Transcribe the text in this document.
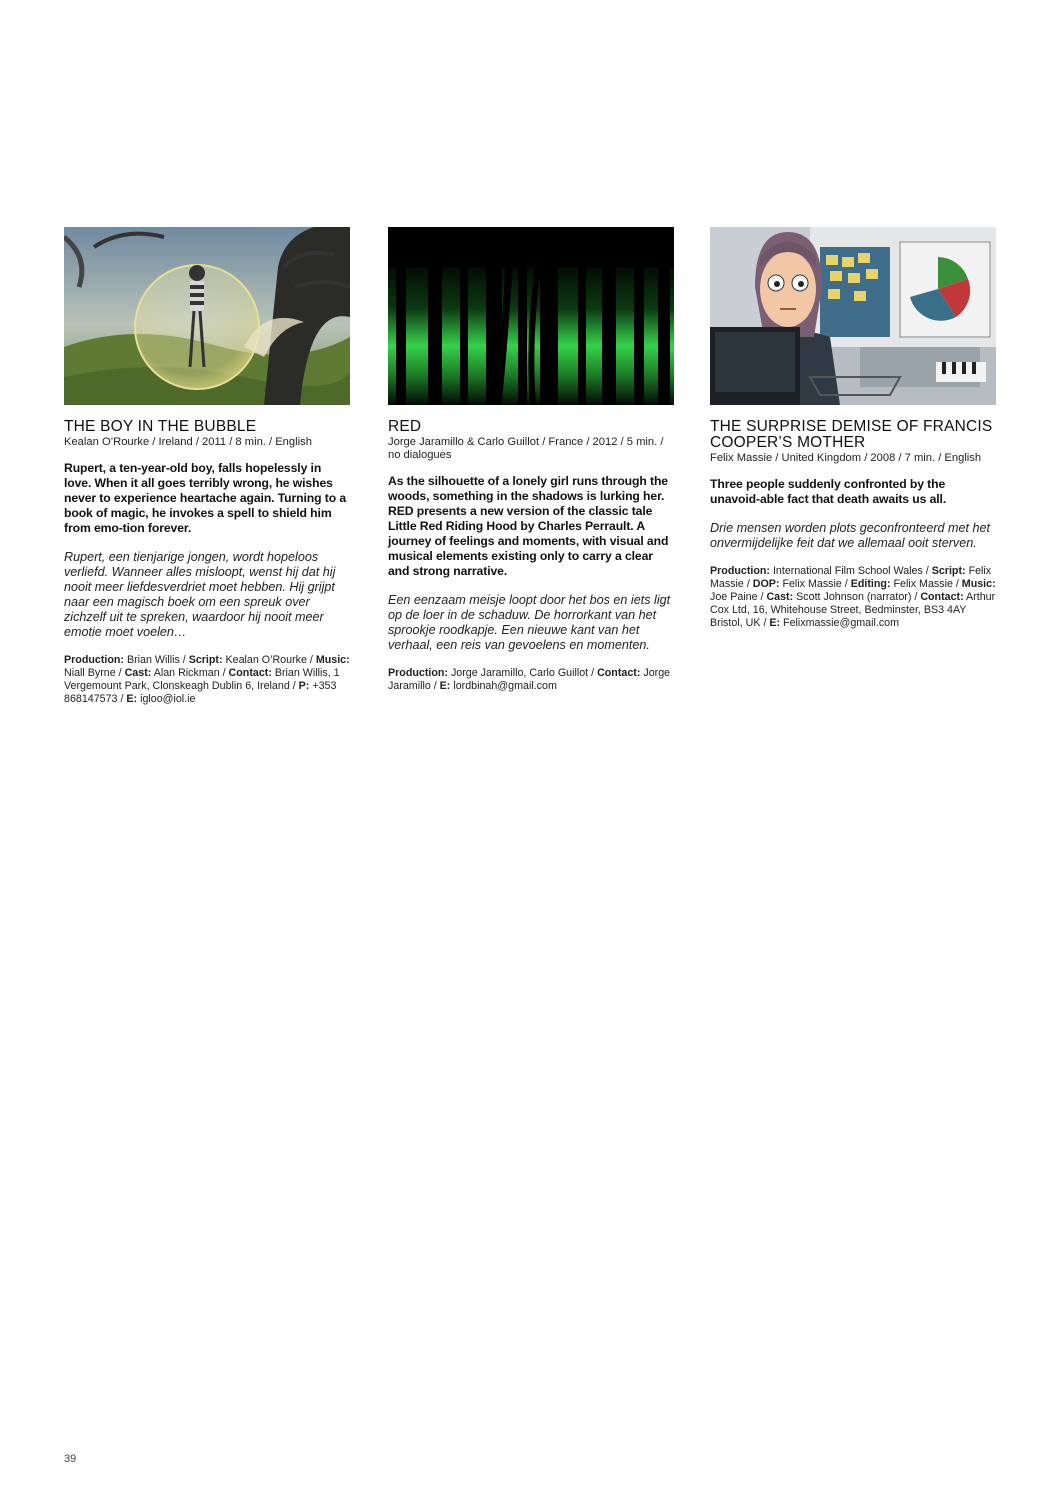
THE BOY IN THE BUBBLE
Kealan O’Rourke / Ireland / 2011 / 8 min. / English
Rupert, a ten-year-old boy, falls hopelessly in love. When it all goes terribly wrong, he wishes never to experience heartache again. Turning to a book of magic, he invokes a spell to shield him from emo-tion forever.
Rupert, een tienjarige jongen, wordt hopeloos verliefd. Wanneer alles misloopt, wenst hij dat hij nooit meer liefdesverdriet moet hebben. Hij grijpt naar een magisch boek om een spreuk over zichzelf uit te spreken, waardoor hij nooit meer emotie moet voelen…
Production: Brian Willis / Script: Kealan O’Rourke / Music: Niall Byrne / Cast: Alan Rickman / Contact: Brian Willis, 1 Vergemount Park, Clonskeagh Dublin 6, Ireland / P: +353 868147573 / E: igloo@iol.ie
RED
Jorge Jaramillo & Carlo Guillot / France / 2012 / 5 min. / no dialogues
As the silhouette of a lonely girl runs through the woods, something in the shadows is lurking her. RED presents a new version of the classic tale Little Red Riding Hood by Charles Perrault. A journey of feelings and moments, with visual and musical elements existing only to carry a clear and strong narrative.
Een eenzaam meisje loopt door het bos en iets ligt op de loer in de schaduw. De horrorkant van het sprookje roodkapje. Een nieuwe kant van het verhaal, een reis van gevoelens en momenten.
Production: Jorge Jaramillo, Carlo Guillot / Contact: Jorge Jaramillo / E: lordbinah@gmail.com
THE SURPRISE DEMISE OF FRANCIS COOPER’S MOTHER
Felix Massie / United Kingdom / 2008 / 7 min. / English
Three people suddenly confronted by the unavoid-able fact that death awaits us all.
Drie mensen worden plots geconfronteerd met het onvermijdelijke feit dat we allemaal ooit sterven.
Production: International Film School Wales / Script: Felix Massie / DOP: Felix Massie / Editing: Felix Massie / Music: Joe Paine / Cast: Scott Johnson (narrator) / Contact: Arthur Cox Ltd, 16, Whitehouse Street, Bedminster, BS3 4AY Bristol, UK / E: Felixmassie@gmail.com
39
